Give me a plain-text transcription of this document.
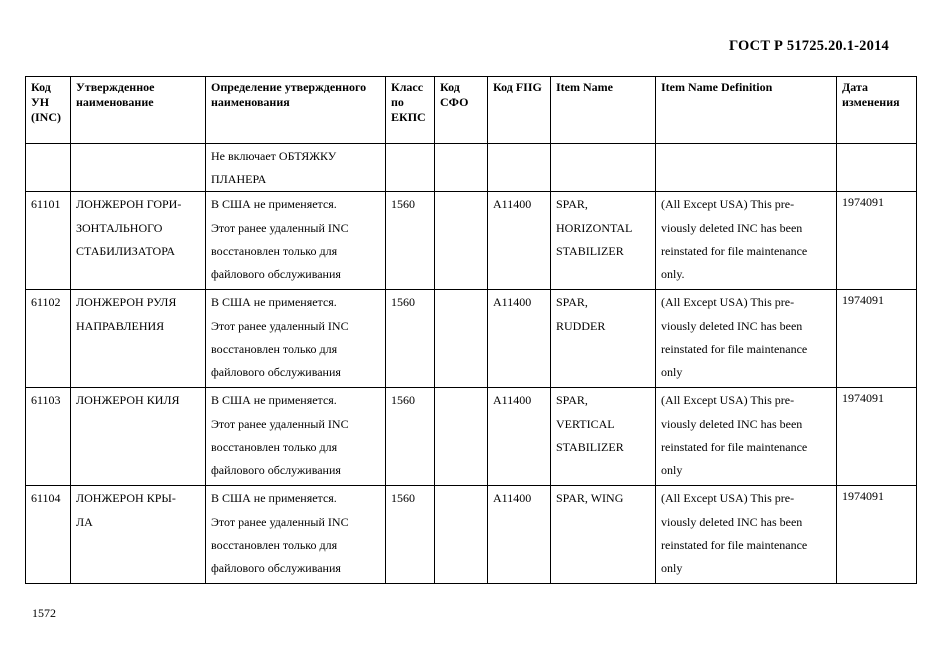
ГОСТ Р 51725.20.1-2014
Код УН (INC)	Утвержденное наименование	Определение утвержденного наименования	Класс по ЕКПС	Код СФО	Код FIIG	Item Name	Item Name Definition	Дата изменения

		Не включает ОБТЯЖКУ
ПЛАНЕРА						

61101	ЛОНЖЕРОН ГОРИ-
ЗОНТАЛЬНОГО
СТАБИЛИЗАТОРА	В США не применяется.
Этот ранее удаленный INC
восстановлен только для
файлового обслуживания	1560		A11400	SPAR,
HORIZONTAL
STABILIZER	(All Except USA) This pre-
viously deleted INC has been
reinstated for file maintenance
only.	1974091

61102	ЛОНЖЕРОН РУЛЯ
НАПРАВЛЕНИЯ	В США не применяется.
Этот ранее удаленный INC
восстановлен только для
файлового обслуживания	1560		A11400	SPAR,
RUDDER	(All Except USA) This pre-
viously deleted INC has been
reinstated for file maintenance
only	1974091

61103	ЛОНЖЕРОН КИЛЯ	В США не применяется.
Этот ранее удаленный INC
восстановлен только для
файлового обслуживания	1560		A11400	SPAR,
VERTICAL
STABILIZER	(All Except USA) This pre-
viously deleted INC has been
reinstated for file maintenance
only	1974091

61104	ЛОНЖЕРОН КРЫ-
ЛА	В США не применяется.
Этот ранее удаленный INC
восстановлен только для
файлового обслуживания	1560		A11400	SPAR, WING	(All Except USA) This pre-
viously deleted INC has been
reinstated for file maintenance
only	1974091
1572
